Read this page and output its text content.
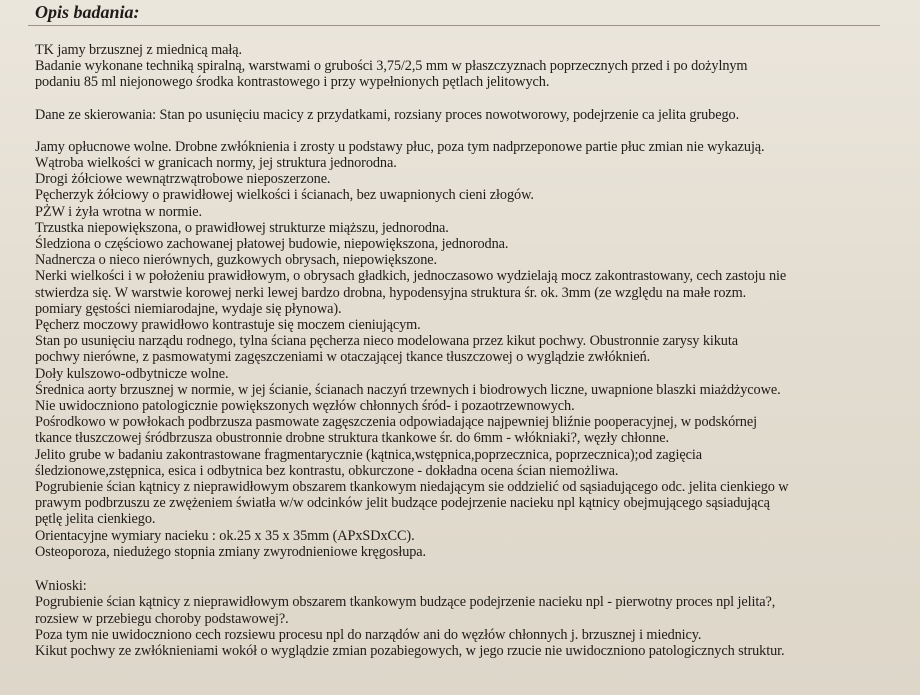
Opis badania:
TK jamy brzusznej z miednicą małą.
Badanie wykonane techniką spiralną, warstwami o grubości 3,75/2,5 mm w płaszczyznach poprzecznych przed i po dożylnym
podaniu 85 ml niejonowego środka kontrastowego i przy wypełnionych pętlach jelitowych.
Dane ze skierowania: Stan po usunięciu macicy z przydatkami, rozsiany proces nowotworowy, podejrzenie ca jelita grubego.
Jamy opłucnowe wolne. Drobne zwłóknienia i zrosty u podstawy płuc, poza tym nadprzeponowe partie płuc zmian nie wykazują.
Wątroba wielkości w granicach normy, jej struktura jednorodna.
Drogi żółciowe wewnątrzwątrobowe nieposzerzone.
Pęcherzyk żółciowy o prawidłowej wielkości i ścianach, bez uwapnionych cieni złogów.
PŻW i żyła wrotna w normie.
Trzustka niepowiększona, o prawidłowej strukturze miąższu, jednorodna.
Śledziona o częściowo zachowanej płatowej budowie, niepowiększona, jednorodna.
Nadnercza o nieco nierównych, guzkowych obrysach, niepowiększone.
Nerki wielkości i w położeniu prawidłowym, o obrysach gładkich, jednoczasowo wydzielają mocz zakontrastowany, cech zastoju nie
stwierdza się. W warstwie korowej nerki lewej bardzo drobna, hypodensyjna struktura śr. ok. 3mm (ze względu na małe rozm.
pomiary gęstości niemiarodajne, wydaje się płynowa).
Pęcherz moczowy prawidłowo kontrastuje się moczem cieniującym.
Stan po usunięciu narządu rodnego, tylna ściana pęcherza nieco modelowana przez kikut pochwy. Obustronnie zarysy kikuta
pochwy nierówne, z pasmowatymi zagęszczeniami w otaczającej tkance tłuszczowej o wyglądzie zwłóknień.
Doły kulszowo-odbytnicze wolne.
Średnica aorty brzusznej w normie, w jej ścianie, ścianach naczyń trzewnych i biodrowych liczne, uwapnione blaszki miażdżycowe.
Nie uwidoczniono patologicznie powiększonych węzłów chłonnych śród- i pozaotrzewnowych.
Pośrodkowo w powłokach podbrzusza pasmowate zagęszczenia odpowiadające najpewniej bliźnie pooperacyjnej, w podskórnej
tkance tłuszczowej śródbrzusza obustronnie drobne struktura tkankowe śr. do 6mm - włókniaki?, węzły chłonne.
Jelito grube w badaniu zakontrastowane fragmentarycznie (kątnica,wstępnica,poprzecznica, poprzecznica);od zagięcia
śledzionowe,zstępnica, esica i odbytnica bez kontrastu, obkurczone - dokładna ocena ścian niemożliwa.
Pogrubienie ścian kątnicy z nieprawidłowym obszarem tkankowym niedającym sie oddzielić od sąsiadującego odc. jelita cienkiego w
prawym podbrzuszu ze zwężeniem światła w/w odcinków jelit budzące podejrzenie nacieku npl kątnicy obejmującego sąsiadującą
pętlę jelita cienkiego.
Orientacyjne wymiary nacieku : ok.25 x 35 x 35mm (APxSDxCC).
Osteoporoza, niedużego stopnia zmiany zwyrodnieniowe kręgosłupa.
Wnioski:
Pogrubienie ścian kątnicy z nieprawidłowym obszarem tkankowym budzące podejrzenie nacieku npl - pierwotny proces npl jelita?,
rozsiew w przebiegu choroby podstawowej?.
Poza tym nie uwidoczniono cech rozsiewu procesu npl do narządów ani do węzłów chłonnych j. brzusznej i miednicy.
Kikut pochwy ze zwłóknieniami wokół o wyglądzie zmian pozabiegowych, w jego rzucie nie uwidoczniono patologicznych struktur.
